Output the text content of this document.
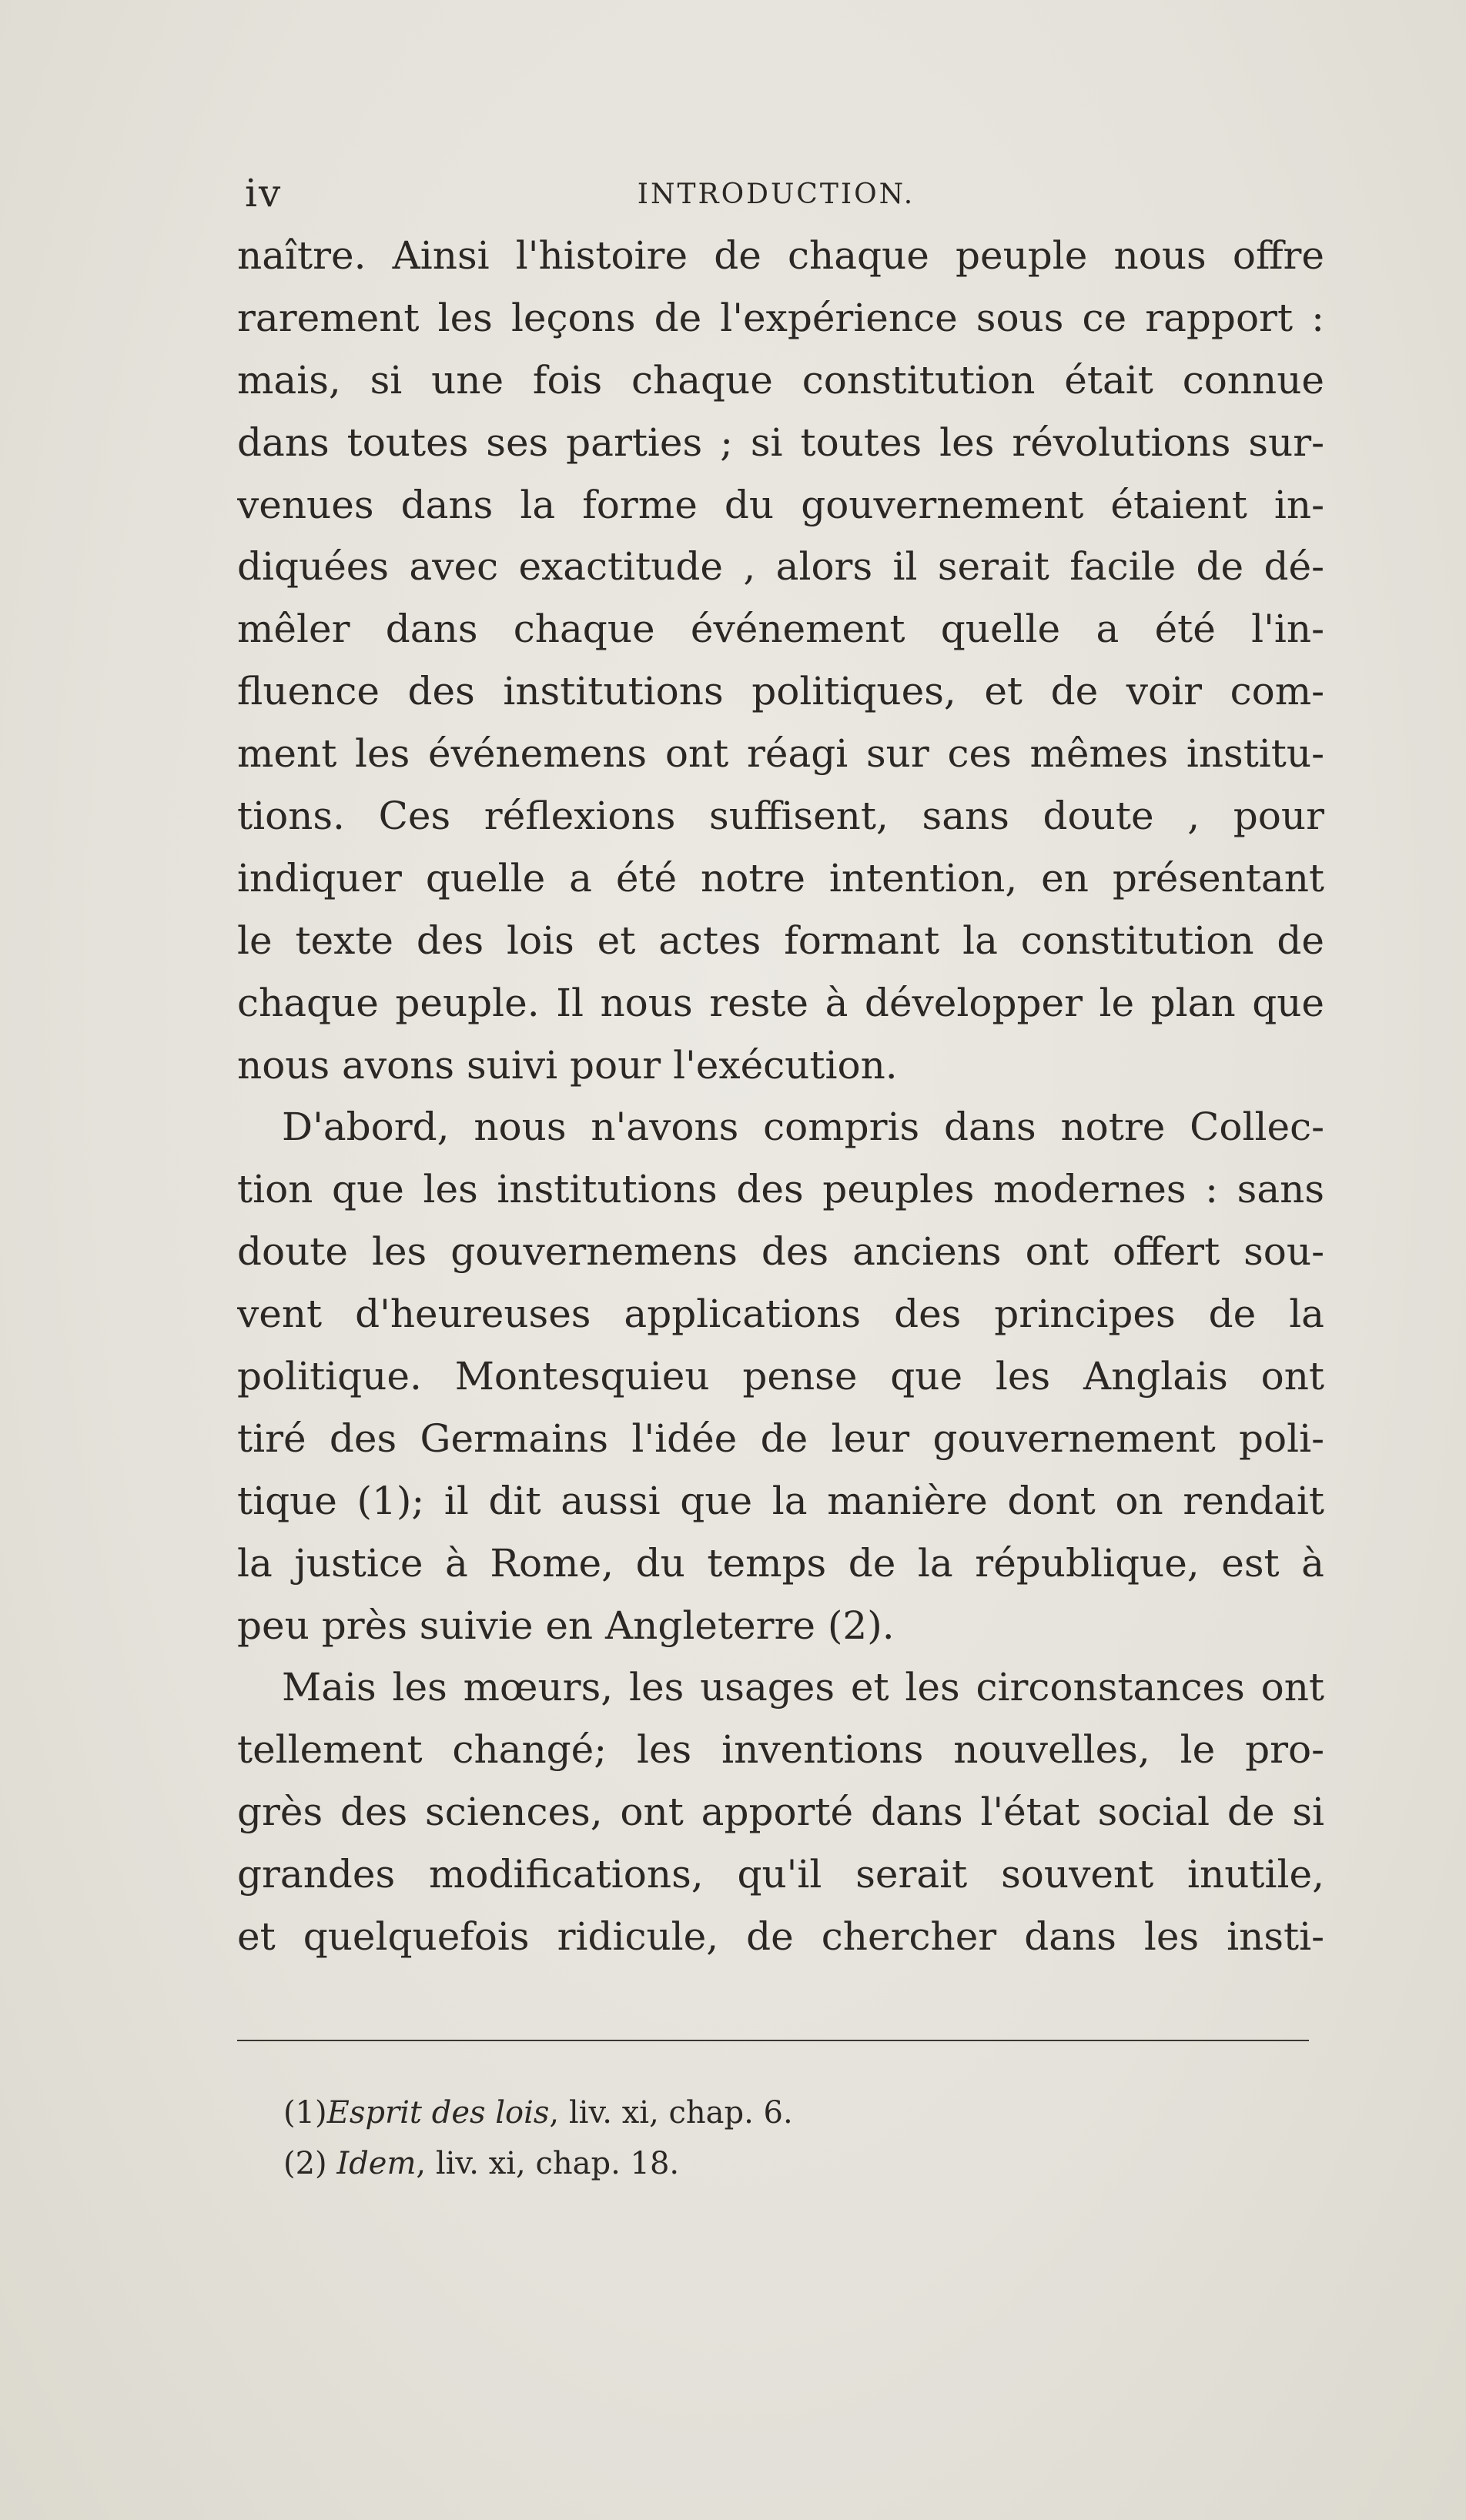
iv	INTRODUCTION.

naître. Ainsi l'histoire de chaque peuple nous offre

rarement les leçons de l'expérience sous ce rapport :

mais, si une fois chaque constitution était connue

dans toutes ses parties ; si toutes les révolutions sur-

venues dans la forme du gouvernement étaient in-

diquées avec exactitude , alors il serait facile de dé-

mêler dans chaque événement quelle a été l'in-

fluence des institutions politiques, et de voir com-

ment les événemens ont réagi sur ces mêmes institu-

tions. Ces réflexions suffisent, sans doute , pour

indiquer quelle a été notre intention, en présentant

le texte des lois et actes formant la constitution de

chaque peuple. Il nous reste à développer le plan que

nous avons suivi pour l'exécution.

D'abord, nous n'avons compris dans notre Collec-

tion que les institutions des peuples modernes : sans

doute les gouvernemens des anciens ont offert sou-

vent d'heureuses applications des principes de la

politique. Montesquieu pense que les Anglais ont

tiré des Germains l'idée de leur gouvernement poli-

tique (1); il dit aussi que la manière dont on rendait

la justice à Rome, du temps de la république, est à

peu près suivie en Angleterre (2).

Mais les mœurs, les usages et les circonstances ont

tellement changé; les inventions nouvelles, le pro-

grès des sciences, ont apporté dans l'état social de si

grandes modifications, qu'il serait souvent inutile,

et quelquefois ridicule, de chercher dans les insti-

(1)Esprit des lois, liv. xi, chap. 6.
(2) Idem, liv. xi, chap. 18.
